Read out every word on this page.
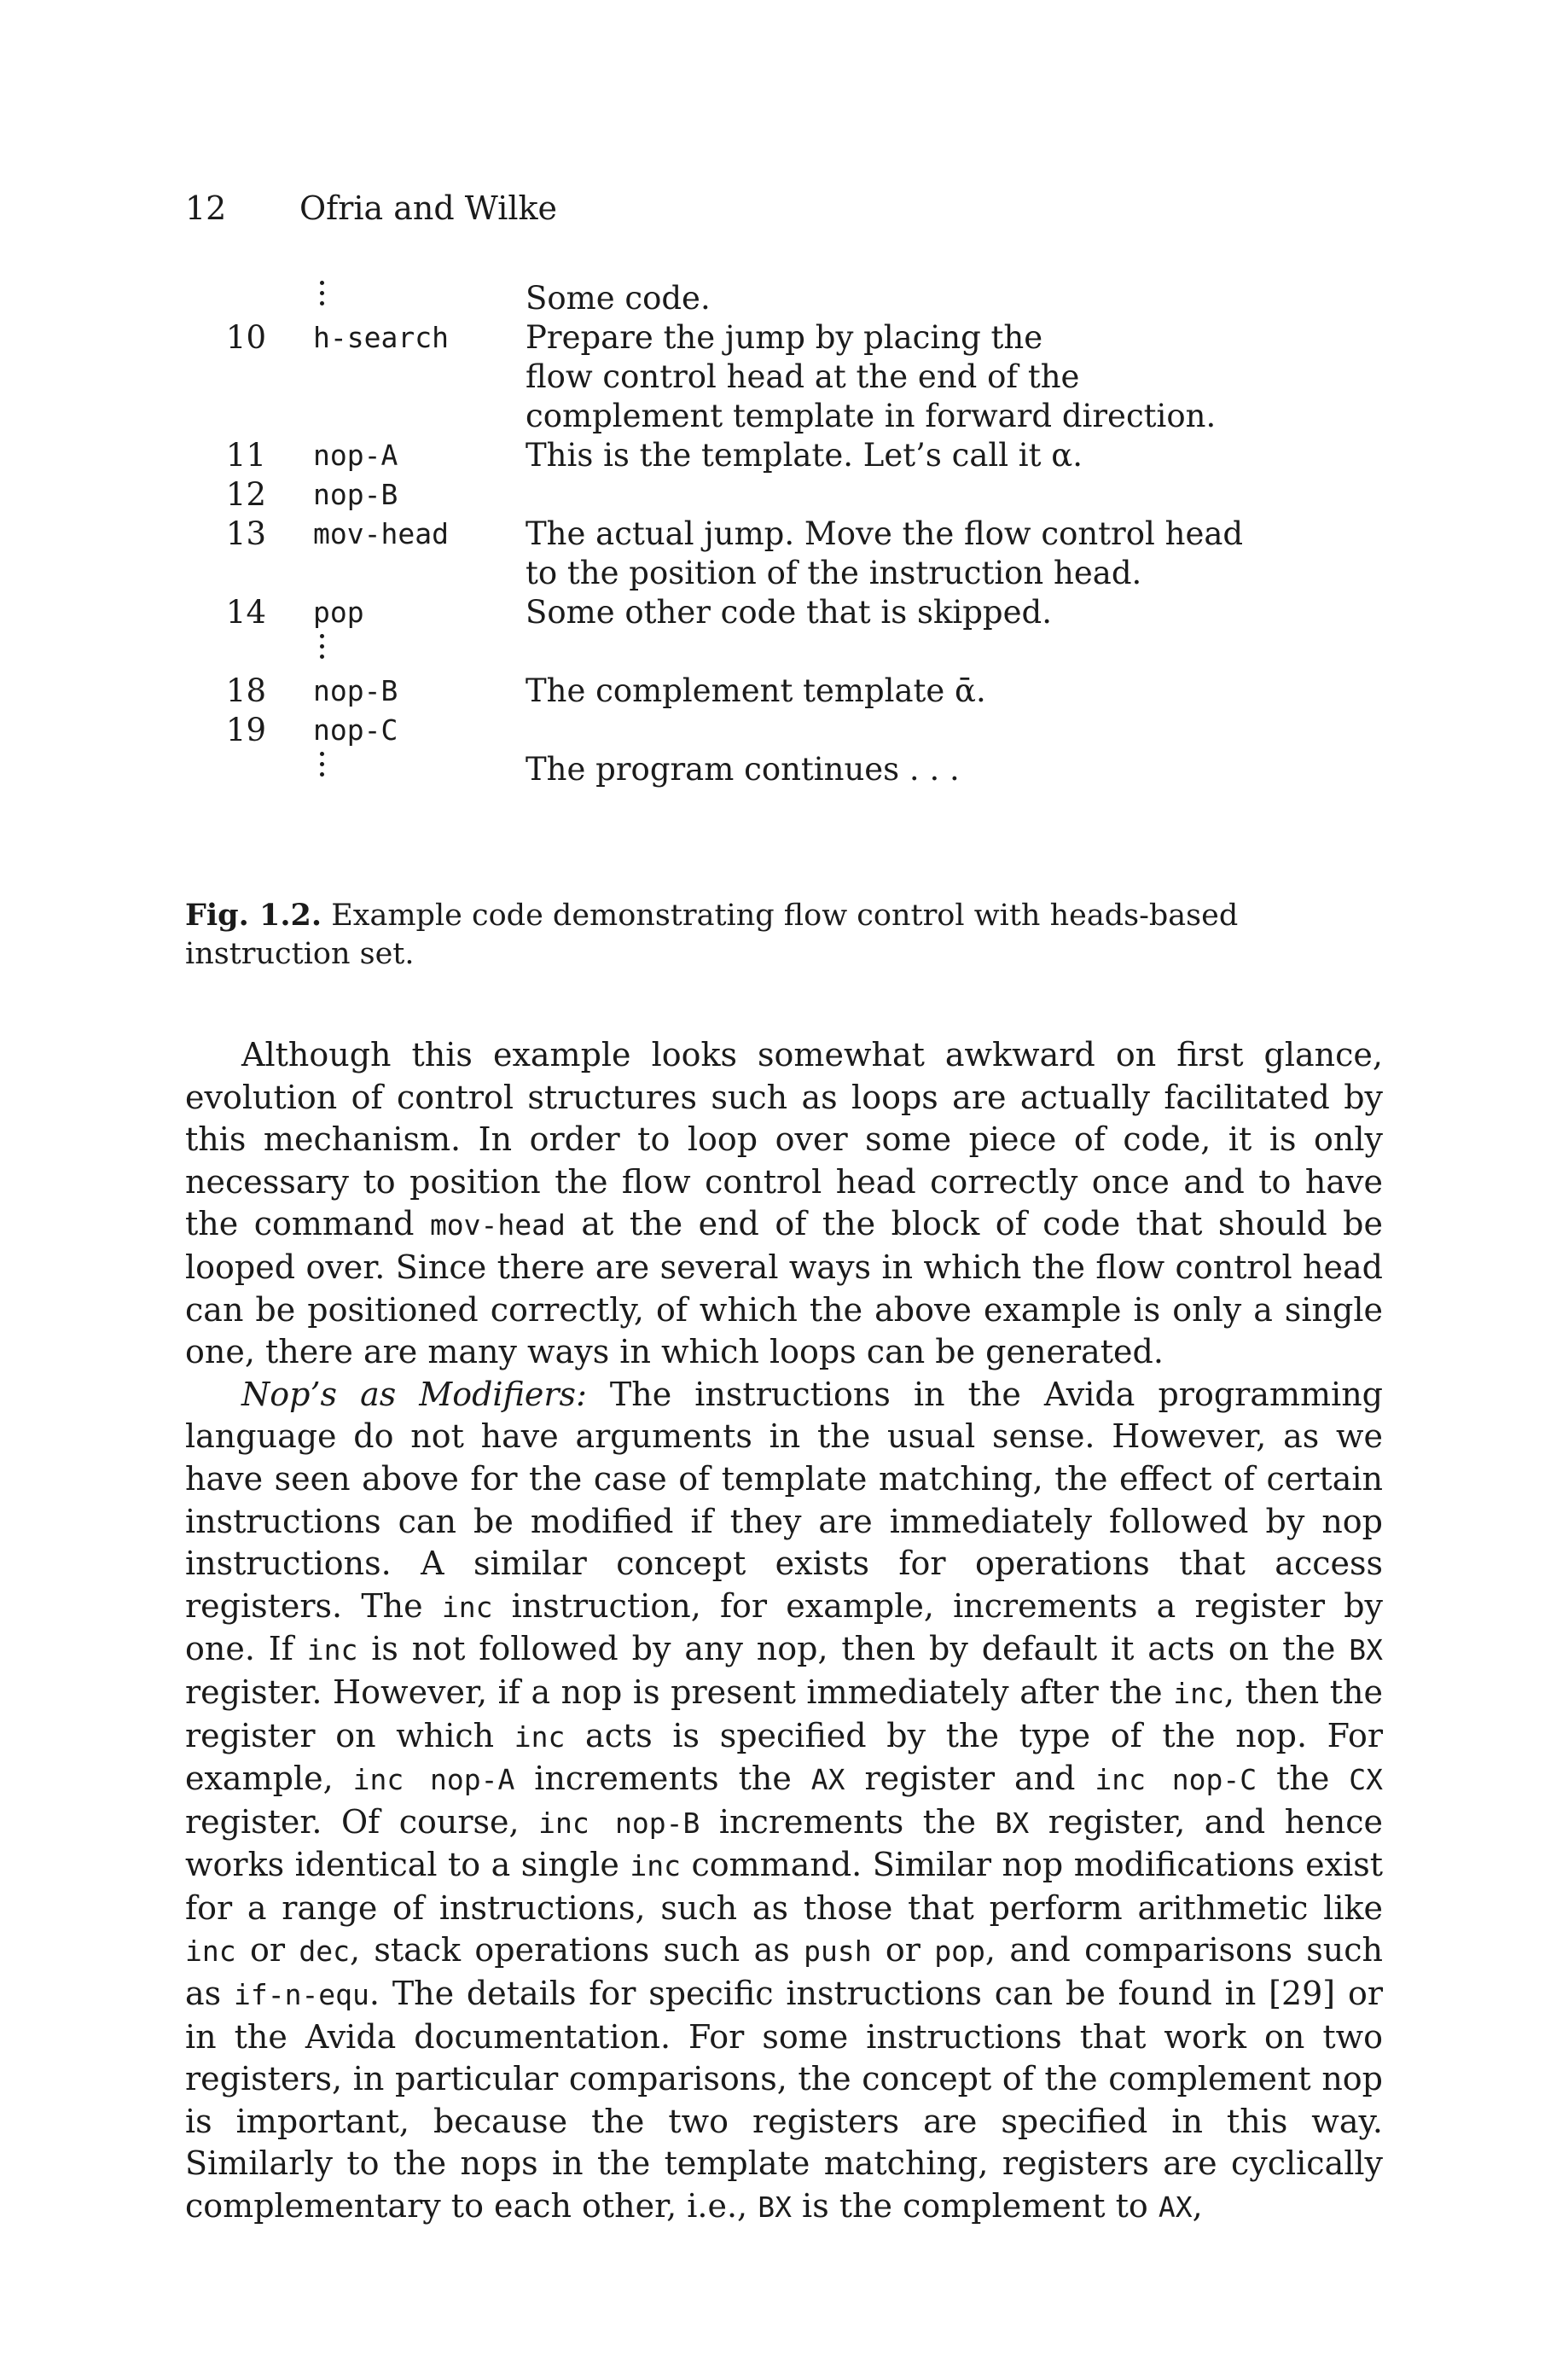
12 Ofria and Wilke
Some code.
10 h-search Prepare the jump by placing the
flow control head at the end of the
complement template in forward direction.
11 nop-A	This is the template. Let’s call it α.
12 nop-B
13 mov-head The actual jump. Move the flow control head
to the position of the instruction head.
14 pop	Some other code that is skipped.
18 nop-B	The complement template ᾱ.
19 nop-C
The program continues . . .
Fig. 1.2. Example code demonstrating flow control with heads-based instruction set.

Although this example looks somewhat awkward on first glance, evolution of control structures such as loops are actually facilitated by this mechanism. In order to loop over some piece of code, it is only necessary to position the flow control head correctly once and to have the command mov-head at the end of the block of code that should be looped over. Since there are several ways in which the flow control head can be positioned correctly, of which the above example is only a single one, there are many ways in which loops can be generated.

Nop’s as Modifiers: The instructions in the Avida programming language do not have arguments in the usual sense. However, as we have seen above for the case of template matching, the effect of certain instructions can be modified if they are immediately followed by nop instructions. A similar concept exists for operations that access registers. The inc instruction, for example, increments a register by one. If inc is not followed by any nop, then by default it acts on the BX register. However, if a nop is present immediately after the inc, then the register on which inc acts is specified by the type of the nop. For example, inc nop-A increments the AX register and inc nop-C the CX register. Of course, inc nop-B increments the BX register, and hence works identical to a single inc command. Similar nop modifications exist for a range of instructions, such as those that perform arithmetic like inc or dec, stack operations such as push or pop, and comparisons such as if-n-equ. The details for specific instructions can be found in [29] or in the Avida documentation. For some instructions that work on two registers, in particular comparisons, the concept of the complement nop is important, because the two registers are specified in this way. Similarly to the nops in the template matching, registers are cyclically complementary to each other, i.e., BX is the complement to AX,
